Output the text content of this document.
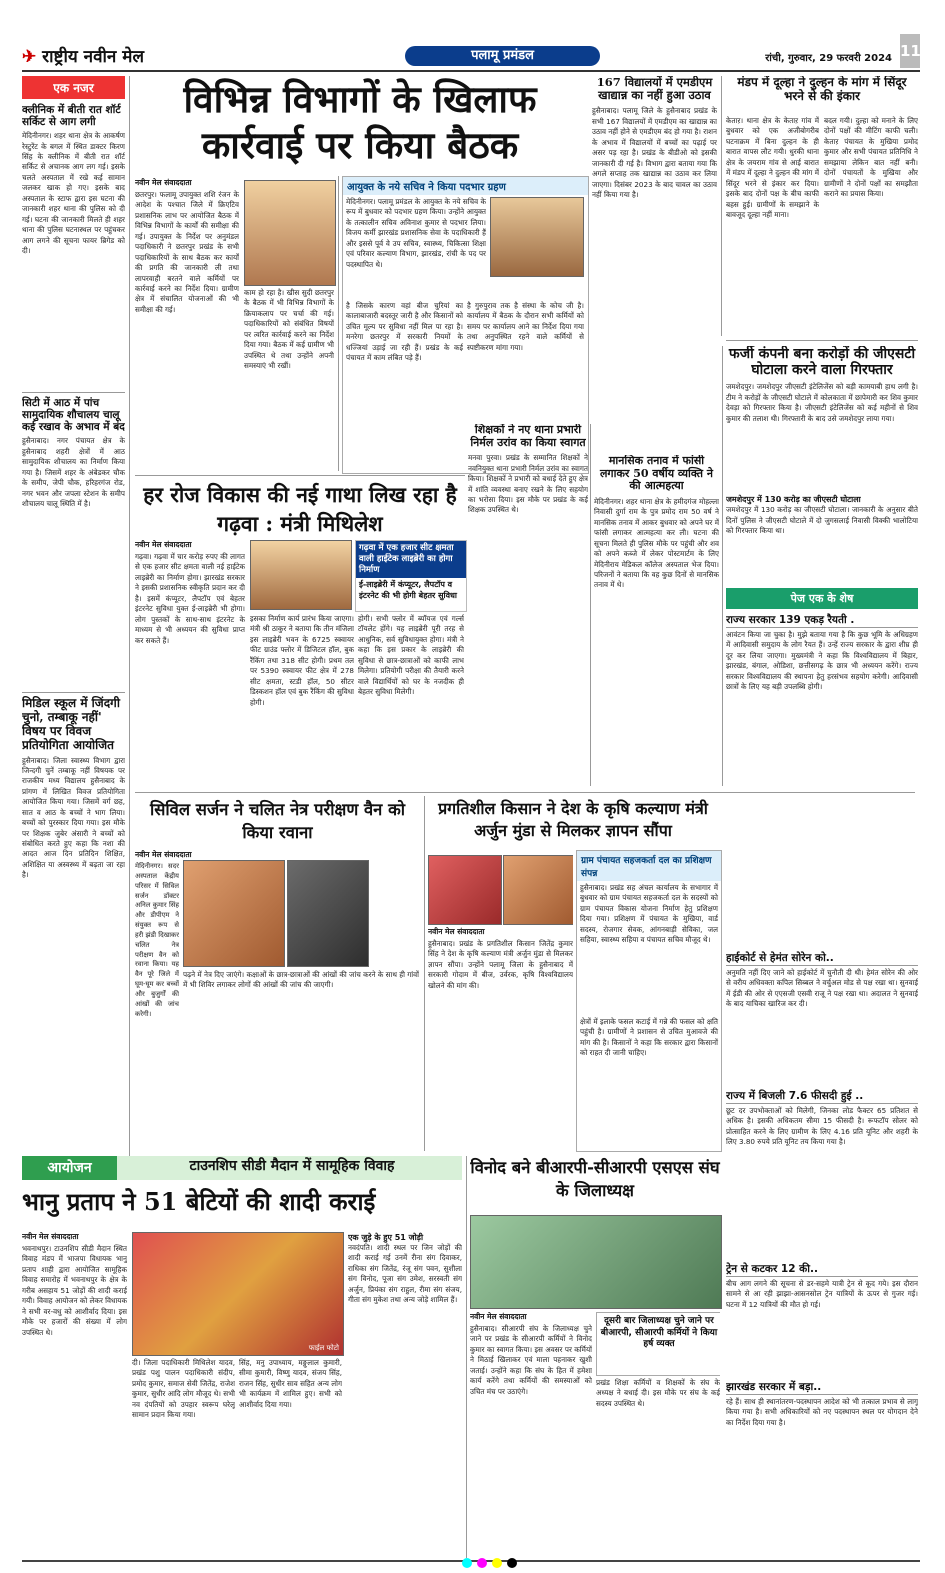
✈ राष्ट्रीय नवीन मेल	पलामू प्रमंडल	रांची, गुरुवार, 29 फरवरी 2024 11
एक नजर
क्लीनिक में बीती रात शॉर्ट सर्किट से आग लगी
मेदिनीनगर। शहर थाना क्षेत्र के आकर्षण रेस्टुरेंट के बगल में स्थित डाक्टर किरण सिंह के क्लीनिक में बीती रात शॉर्ट सर्किट से अचानक आग लग गई। इसके चलते अस्पताल में रखे कई सामान जलकर खाक हो गए। इसके बाद अस्पताल के स्टाफ द्वारा इस घटना की जानकारी शहर थाना की पुलिस को दी गई। घटना की जानकारी मिलते ही शहर थाना की पुलिस घटनास्थल पर पहुंचकर आग लगने की सूचना फायर ब्रिगेड को दी।
सिटी में आठ में पांच सामुदायिक शौचालय चालू कई रखाव के अभाव में बंद
हुसैनाबाद। नगर पंचायत क्षेत्र के हुसैनाबाद शहरी क्षेत्रों में आठ सामुदायिक शौचालय का निर्माण किया गया है। जिसमें शहर के अंबेडकर चौक के समीप, जेपी चौक, हरिहरगंज रोड, नगर भवन और जपला स्टेशन के समीप शौचालय चालू स्थिति में है।
मिडिल स्कूल में जिंदगी चुनो, तम्बाकू नहीं' विषय पर विवज प्रतियोगिता आयोजित
हुसैनाबाद। जिला स्वास्थ्य विभाग द्वारा जिन्दगी चुनें तम्बाकू नहीं विषयक पर राजकीय मध्य विद्यालय हुसैनाबाद के प्रांगण में लिखित विवज प्रतियोगिता आयोजित किया गया। जिसमें वर्ग छह, सात व आठ के बच्चों ने भाग लिया। बच्चों को पुरस्कार दिया गया। इस मौके पर शिक्षक जुबेर अंसारी ने बच्चों को संबोधित करते हुए कहा कि नशा की आदत आज दिन प्रतिदिन शिक्षित, अशिक्षित या अस्वस्थ्य में बढ़ता जा रहा है।
विभिन्न विभागों के खिलाफ कार्रवाई पर किया बैठक
नवीन मेल संवाददाता
छतरपुर। फलामू उपायुक्त शशि रंजन के आदेश के पश्चात जिले में क्रिएटिव प्रशासनिक लाभ पर आयोजित बैठक में विभिन्न विभागों के कार्यों की समीक्षा की गई। उपायुक्त के निर्देश पर अनुमंडल पदाधिकारी ने छतरपुर प्रखंड के सभी पदाधिकारियों के साथ बैठक कर कार्यों की प्रगति की जानकारी ली तथा लापरवाही बरतने वाले कर्मियों पर कार्रवाई करने का निर्देश दिया। ग्रामीण क्षेत्र में संचालित योजनाओं की भी समीक्षा की गई।
काम हो रहा है। खीस सुदी छतरपुर के बैठक में भी विभिन्न विभागों के क्रियाकलाप पर चर्चा की गई। पदाधिकारियों को संबंधित विषयों पर त्वरित कार्रवाई करने का निर्देश दिया गया। बैठक में कई ग्रामीण भी उपस्थित थे तथा उन्होंने अपनी समस्याएं भी रखीं।
आयुक्त के नये सचिव ने किया पदभार ग्रहण
मेदिनीनगर। पलामू प्रमंडल के आयुक्त के नये सचिव के रूप में बुधवार को पदभार ग्रहण किया। उन्होंने आयुक्त के तत्कालीन सचिव अविनाश कुमार से पदभार लिया। विजय कर्मी झारखंड प्रशासनिक सेवा के पदाधिकारी हैं और इससे पूर्व वे उप सचिव, स्वास्थ्य, चिकित्सा शिक्षा एवं परिवार कल्याण विभाग, झारखंड, रांची के पद पर पदस्थापित थे।
है जिसके कारण वहां बीज चुरियां का कालाबाजारी बदस्तूर जारी है और किसानों को उचित मूल्य पर सुविधा नहीं मिल पा रहा है। मनरेगा छतरपुर में सरकारी नियमों के धज्जियां उड़ाई जा रही हैं। प्रखंड के कई पंचायत में काम लंबित पड़े हैं।
है गुरुपुराव तक है संस्था के कोच जी है। कार्यालय में बैठक के दौरान सभी कर्मियों को समय पर कार्यालय आने का निर्देश दिया गया तथा अनुपस्थित रहने वाले कर्मियों से स्पष्टीकरण मांगा गया।
167 विद्यालयों में एमडीएम खाद्यान्न का नहीं हुआ उठाव
हुसैनाबाद। पलामू जिले के हुसैनाबाद प्रखंड के सभी 167 विद्यालयों में एमडीएम का खाद्यान्न का उठाव नहीं होने से एमडीएम बंद हो गया है। राशन के अभाव में विद्यालयों में बच्चों का पढ़ाई पर असर पड़ रहा है। प्रखंड के बीडीओ को इसकी जानकारी दी गई है। विभाग द्वारा बताया गया कि अगले सप्ताह तक खाद्यान्न का उठाव कर लिया जाएगा। दिसंबर 2023 के बाद चावल का उठाव नहीं किया गया है।
मंडप में दूल्हा ने दुल्हन के मांग में सिंदूर भरने से की इंकार
केताऱ। थाना क्षेत्र के केताऱ गांव में बुधवार को एक अजीबोगरीब घटनाक्रम में बिना दुल्हन के ही बारात वापस लौट गयी। धुरकी थाना क्षेत्र के जयराम गांव से आई बारात में मंडप में दूल्हा ने दुल्हन की मांग में सिंदूर भरने से इंकार कर दिया। इसके बाद दोनों पक्ष के बीच काफी बहस हुई। ग्रामीणों के समझाने के बावजूद दूल्हा नहीं माना।
बदल गयी। दुल्हा को मनाने के लिए दोनों पक्षों की मीटिंग काफी चली। केताऱ पंचायत के मुखिया प्रमोद कुमार और सभी पंचायत प्रतिनिधि ने समझाया लेकिन बात नहीं बनी। दोनों पंचायतों के मुखिया और ग्रामीणों ने दोनों पक्षों का समझौता कराने का प्रयास किया।
फर्जी कंपनी बना करोड़ों की जीएसटी घोटाला करने वाला गिरफ्तार
जमशेदपुर। जमशेदपुर जीएसटी इंटेलिजेंस को बड़ी कामयाबी हाथ लगी है। टीम ने करोड़ों के जीएसटी घोटाले में कोलकाता में छापेमारी कर शिव कुमार देवड़ा को गिरफ्तार किया है। जीएसटी इंटेलिजेंस को कई महीनों से शिव कुमार की तलाश थी। गिरफ्तारी के बाद उसे जमशेदपुर लाया गया।
जमशेदपुर में 130 करोड़ का जीएसटी घोटाला
जमशेदपुर में 130 करोड़ का जीएसटी घोटाला। जानकारी के अनुसार बीते दिनों पुलिस ने जीएसटी घोटाले में दो जुगसलाई निवासी विक्की भालोटिया को गिरफ्तार किया था।
शिक्षकों ने नए थाना प्रभारी निर्मल उरांव का किया स्वागत
मनवा पुरवा। प्रखंड के सम्मानित शिक्षकों ने नवनियुक्त थाना प्रभारी निर्मल उरांव का स्वागत किया। शिक्षकों ने प्रभारी को बधाई देते हुए क्षेत्र में शांति व्यवस्था बनाए रखने के लिए सहयोग का भरोसा दिया। इस मौके पर प्रखंड के कई शिक्षक उपस्थित थे।
मानसिक तनाव में फांसी लगाकर 50 वर्षीय व्यक्ति ने की आत्महत्या
मेदिनीनगर। शहर थाना क्षेत्र के हमीदगंज मोहल्ला निवासी दुर्गा राम के पुत्र प्रमोद राम 50 वर्ष ने मानसिक तनाव में आकर बुधवार को अपने घर में फांसी लगाकर आत्महत्या कर ली। घटना की सूचना मिलते ही पुलिस मौके पर पहुंची और शव को अपने कब्जे में लेकर पोस्टमार्टम के लिए मेदिनीराय मेडिकल कॉलेज अस्पताल भेज दिया। परिजनों ने बताया कि वह कुछ दिनों से मानसिक तनाव में थे।
हर रोज विकास की नई गाथा लिख रहा है गढ़वा : मंत्री मिथिलेश
नवीन मेल संवाददाता
गढ़वा। गढ़वा में चार करोड़ रुपए की लागत से एक हजार सीट क्षमता वाली नई हाईटेक लाइब्रेरी का निर्माण होगा। झारखंड सरकार ने इसकी प्रशासनिक स्वीकृति प्रदान कर दी है। इसमें कंप्यूटर, लैपटॉप एवं बेहतर इंटरनेट सुविधा युक्त ई-लाइब्रेरी भी होगा। लोग पुस्तकों के साथ-साथ इंटरनेट के माध्यम से भी अध्ययन की सुविधा प्राप्त कर सकते हैं।
गढ़वा में एक हजार सीट क्षमता वाली हाईटेक लाइब्रेरी का होगा निर्माण
ई-लाइब्रेरी में कंप्यूटर, लैपटॉप व इंटरनेट की भी होगी बेहतर सुविधा
इसका निर्माण कार्य प्रारंभ किया जाएगा। मंत्री श्री ठाकुर ने बताया कि तीन मंजिला इस लाइब्रेरी भवन के 6725 स्क्वायर फीट ग्राउंड फ्लोर में डिजिटल हॉल, बुक रैंकिंग तथा 318 सीट होगी। प्रथम तल पर 5390 स्क्वायर फीट क्षेत्र में 278 सीट क्षमता, स्टडी हॉल, 50 सीटर डिस्कशन हॉल एवं बुक रैंकिंग की सुविधा होगी।
होगी। सभी फ्लोर में ब्यॉयज एवं गर्ल्स टॉयलेट होंगे। यह लाइब्रेरी पूरी तरह से आधुनिक, सर्व सुविधायुक्त होगा। मंत्री ने कहा कि इस प्रकार के लाइब्रेरी की सुविधा से छात्र-छात्राओं को काफी लाभ मिलेगा। प्रतियोगी परीक्षा की तैयारी करने वाले विद्यार्थियों को घर के नजदीक ही बेहतर सुविधा मिलेगी।
सिविल सर्जन ने चलित नेत्र परीक्षण वैन को किया रवाना
नवीन मेल संवाददाता
मेदिनीनगर। सदर अस्पताल केंद्रीय परिसर में सिविल सर्जन डॉक्टर अनिल कुमार सिंह और डीपीएम ने संयुक्त रूप से हरी झंडी दिखाकर चलित नेत्र परीक्षण वैन को रवाना किया। यह वैन पूरे जिले में घूम-घूम कर बच्चों और बुजुर्गों की आंखों की जांच करेगी।
पढ़ने में नेत्र दिए जाएंगे। कक्षाओं के छात्र-छात्राओं की आंखों की जांच करने के साथ ही गांवों में भी शिविर लगाकर लोगों की आंखों की जांच की जाएगी।
प्रगतिशील किसान ने देश के कृषि कल्याण मंत्री अर्जुन मुंडा से मिलकर ज्ञापन सौंपा
नवीन मेल संवाददाता
हुसैनाबाद। प्रखंड के प्रगतिशील किसान जितेंद्र कुमार सिंह ने देश के कृषि कल्याण मंत्री अर्जुन मुंडा से मिलकर ज्ञापन सौंपा। उन्होंने पलामू जिला के हुसैनाबाद में सरकारी गोदाम में बीज, उर्वरक, कृषि विश्वविद्यालय खोलने की मांग की।
ग्राम पंचायत सहजकर्ता दल का प्रशिक्षण संपन्न
हुसैनाबाद। प्रखंड सह अंचल कार्यालय के सभागार में बुधवार को ग्राम पंचायत सहजकर्ता दल के सदस्यों को ग्राम पंचायत विकास योजना निर्माण हेतु प्रशिक्षण दिया गया। प्रशिक्षण में पंचायत के मुखिया, वार्ड सदस्य, रोजगार सेवक, आंगनबाड़ी सेविका, जल सहिया, स्वास्थ्य सहिया व पंचायत सचिव मौजूद थे।
क्षेत्रों में इलाके फसल कटाई में गन्ने की फसल को क्षति पहुंची है। ग्रामीणों ने प्रशासन से उचित मुआवजे की मांग की है। किसानों ने कहा कि सरकार द्वारा किसानों को राहत दी जानी चाहिए।
पेज एक के शेष
राज्य सरकार 139 एकड़ रैयती .
आवंटन किया जा चुका है। मुझे बताया गया है कि कुछ भूमि के अधिग्रहण में आदिवासी समुदाय के लोग रैयत हैं। उन्हें राज्य सरकार के द्वारा शीघ्र ही दूर कर लिया जाएगा। मुख्यमंत्री ने कहा कि विश्वविद्यालय में बिहार, झारखंड, बंगाल, ओडिशा, छत्तीसगढ़ के छात्र भी अध्ययन करेंगे। राज्य सरकार विश्वविद्यालय की स्थापना हेतु हरसंभव सहयोग करेगी। आदिवासी छात्रों के लिए यह बड़ी उपलब्धि होगी।
हाईकोर्ट से हेमंत सोरेन को..
अनुमति नहीं दिए जाने को हाईकोर्ट में चुनौती दी थी। हेमंत सोरेन की ओर से वरीय अधिवक्ता कपिल सिब्बल ने वर्चुअल मोड से पक्ष रखा था। सुनवाई में ईडी की ओर से एएसजी एसवी राजू ने पक्ष रखा था। अदालत ने सुनवाई के बाद याचिका खारिज कर दी।
राज्य में बिजली 7.6 फीसदी हुई ..
छूट दर उपभोक्ताओं को मिलेगी, जिनका लोड फैक्टर 65 प्रतिशत से अधिक है। इसकी अधिकतम सीमा 15 फीसदी है। रूफटॉप सोलर को प्रोत्साहित करने के लिए ग्रामीण के लिए 4.16 प्रति यूनिट और शहरी के लिए 3.80 रुपये प्रति यूनिट तय किया गया है।
ट्रेन से कटकर 12 की..
बीच आग लगने की सूचना से डर-सहमे यात्री ट्रेन से कूद गये। इस दौरान सामने से आ रही झाझा-आसनसोल ट्रेन यात्रियों के ऊपर से गुजर गई। घटना में 12 यात्रियों की मौत हो गई।
झारखंड सरकार में बड़ा..
रहे हैं। साथ ही स्थानांतरण-पदस्थापन आदेश को भी तत्काल प्रभाव से लागू किया गया है। सभी अधिकारियों को नए पदस्थापन स्थल पर योगदान देने का निर्देश दिया गया है।
आयोजन	टाउनशिप सीडी मैदान में सामूहिक विवाह
भानु प्रताप ने 51 बेटियों की शादी कराई
नवीन मेल संवाददाता
भवनाथपुर। टाउनशिप सीडी मैदान स्थित विवाह मंडप में भाजपा विधायक भानु प्रताप शाही द्वारा आयोजित सामूहिक विवाह समारोह में भवनाथपुर के क्षेत्र के गरीब असहाय 51 जोड़ों की शादी कराई गयी। विवाह आयोजन को लेकर विधायक ने सभी वर-वधु को आशीर्वाद दिया। इस मौके पर हजारों की संख्या में लोग उपस्थित थे।
फाईल फोटो
दी। जिला पदाधिकारी मिथिलेश यादव, प्रखंड पशु पालन पदाधिकारी संदीप, प्रमोद कुमार, समाज सेवी जितेंद्र, राजेश कुमार, सुधीर आदि लोग मौजूद थे। सभी नव दंपतियों को उपहार स्वरूप घरेलू सामान प्रदान किया गया।
सिंह, मनु उपाध्याय, मङ्गुलाल कुमारी, सीमा कुमारी, विष्णु यादव, संजय सिंह, राजन सिंह, सुधीर साव सहित अन्य लोग भी कार्यक्रम में शामिल हुए। सभी को आशीर्वाद दिया गया।
एक जुड़े के हुए 51 जोड़ी
नवदंपति। शादी स्थल पर जिन जोड़ों की शादी कराई गई उनमें रीना संग दिवाकर, राधिका संग जितेंद्र, रंजू संग पवन, सुशीला संग विनोद, पूजा संग उमेश, सरस्वती संग अर्जुन, प्रियंका संग राहुल, रीमा संग संजय, गीता संग मुकेश तथा अन्य जोड़े शामिल हैं।
विनोद बने बीआरपी-सीआरपी एसएस संघ के जिलाध्यक्ष
नवीन मेल संवाददाता
हुसैनाबाद। सीआरपी संघ के जिलाध्यक्ष चुने जाने पर प्रखंड के सीआरपी कर्मियों ने विनोद कुमार का स्वागत किया। इस अवसर पर कर्मियों ने मिठाई खिलाकर एवं माला पहनाकर खुशी जताई। उन्होंने कहा कि संघ के हित में हमेशा कार्य करेंगे तथा कर्मियों की समस्याओं को उचित मंच पर उठाएंगे।
दूसरी बार जिलाध्यक्ष चुने जाने पर बीआरपी, सीआरपी कर्मियों ने किया हर्ष व्यक्त
प्रखंड शिक्षा कर्मियों व शिक्षकों के संघ के अध्यक्ष ने बधाई दी। इस मौके पर संघ के कई सदस्य उपस्थित थे।
